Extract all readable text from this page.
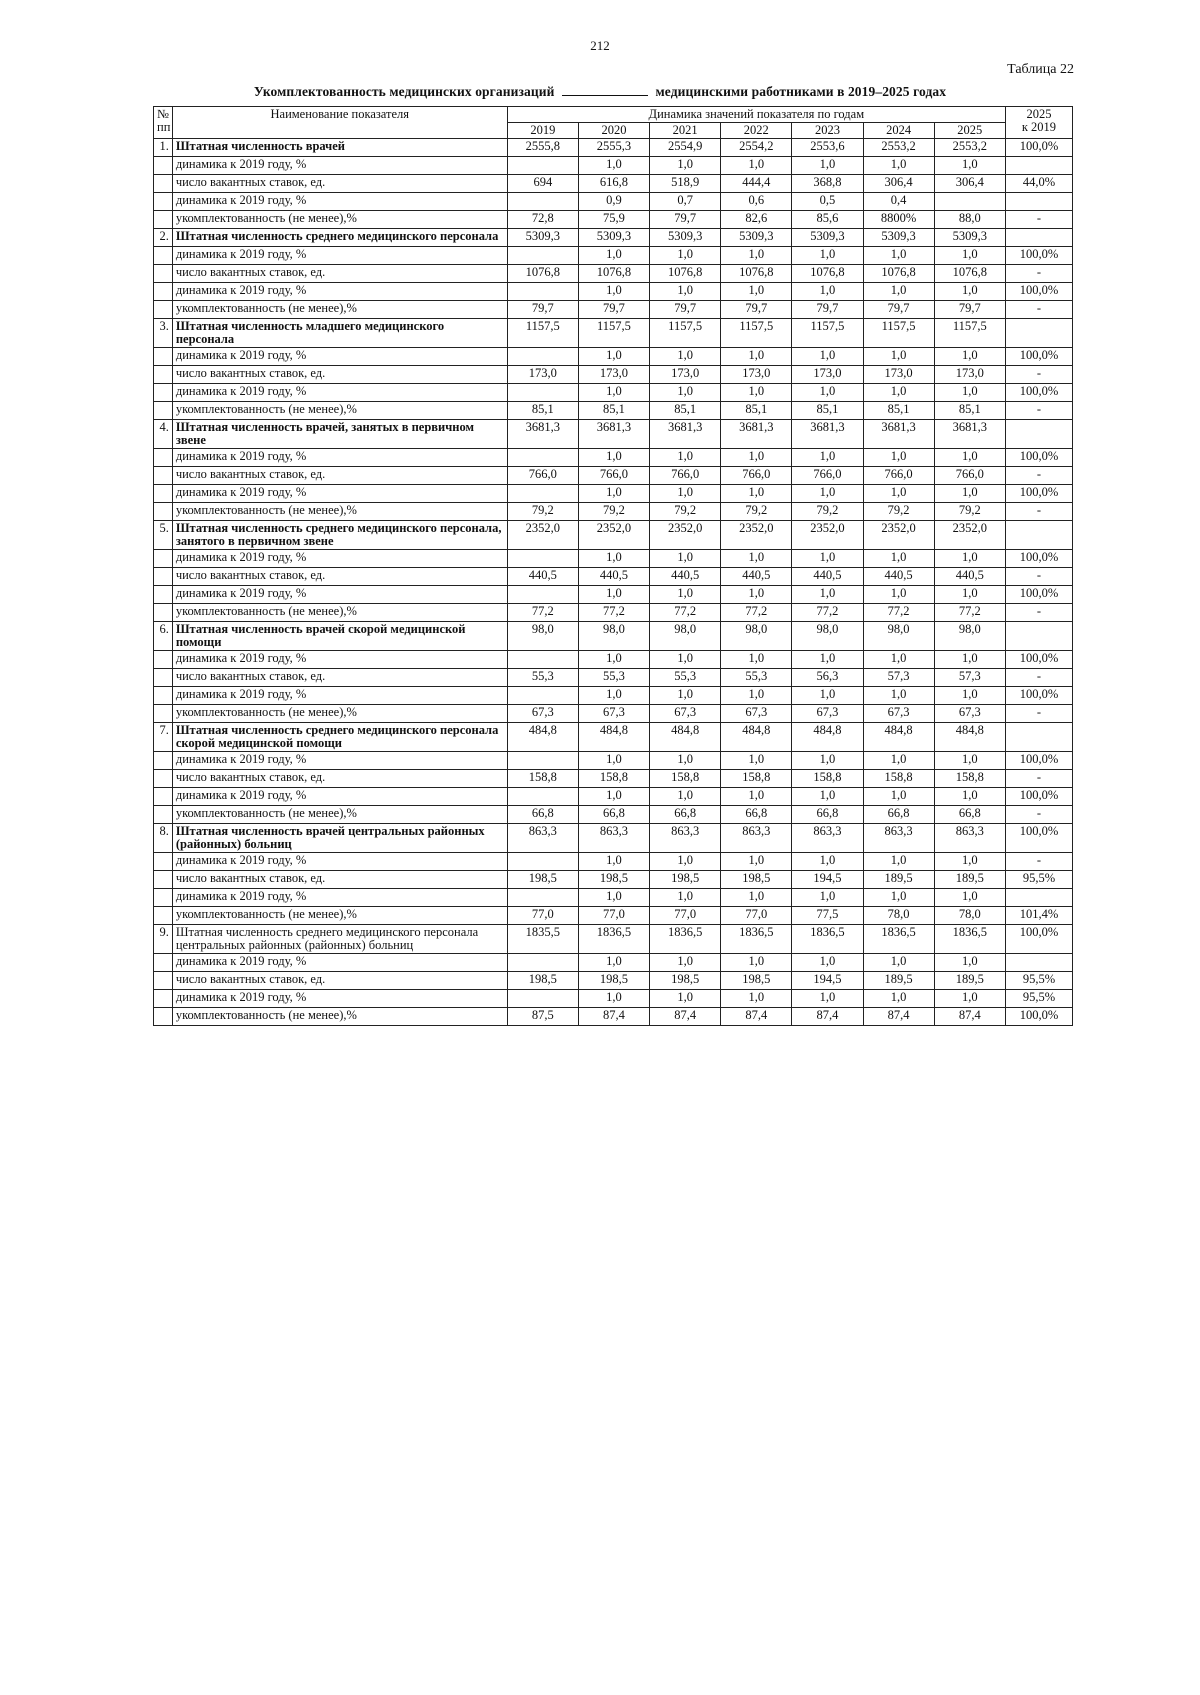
212
Таблица 22
Укомплектованность медицинских организаций	медицинскими работниками в 2019–2025 годах
№
пп	Наименование показателя	Динамика значений показателя по годам							2025
к 2019
		2019	2020	2021	2022	2023	2024	2025	
1.	Штатная численность врачей	2555,8	2555,3	2554,9	2554,2	2553,6	2553,2	2553,2	100,0%
	динамика к 2019 году, %		1,0	1,0	1,0	1,0	1,0	1,0	
	число вакантных ставок, ед.	694	616,8	518,9	444,4	368,8	306,4	306,4	44,0%
	динамика к 2019 году, %		0,9	0,7	0,6	0,5	0,4		
	укомплектованность (не менее),%	72,8	75,9	79,7	82,6	85,6	8800%	88,0	-
2.	Штатная численность среднего медицинского персонала	5309,3	5309,3	5309,3	5309,3	5309,3	5309,3	5309,3	
	динамика к 2019 году, %		1,0	1,0	1,0	1,0	1,0	1,0	100,0%
	число вакантных ставок, ед.	1076,8	1076,8	1076,8	1076,8	1076,8	1076,8	1076,8	-
	динамика к 2019 году, %		1,0	1,0	1,0	1,0	1,0	1,0	100,0%
	укомплектованность (не менее),%	79,7	79,7	79,7	79,7	79,7	79,7	79,7	-
3.	Штатная численность младшего медицинского персонала	1157,5	1157,5	1157,5	1157,5	1157,5	1157,5	1157,5	
	динамика к 2019 году, %		1,0	1,0	1,0	1,0	1,0	1,0	100,0%
	число вакантных ставок, ед.	173,0	173,0	173,0	173,0	173,0	173,0	173,0	-
	динамика к 2019 году, %		1,0	1,0	1,0	1,0	1,0	1,0	100,0%
	укомплектованность (не менее),%	85,1	85,1	85,1	85,1	85,1	85,1	85,1	-
4.	Штатная численность врачей, занятых в первичном звене	3681,3	3681,3	3681,3	3681,3	3681,3	3681,3	3681,3	
	динамика к 2019 году, %		1,0	1,0	1,0	1,0	1,0	1,0	100,0%
	число вакантных ставок, ед.	766,0	766,0	766,0	766,0	766,0	766,0	766,0	-
	динамика к 2019 году, %		1,0	1,0	1,0	1,0	1,0	1,0	100,0%
	укомплектованность (не менее),%	79,2	79,2	79,2	79,2	79,2	79,2	79,2	-
5.	Штатная численность среднего медицинского персонала, занятого в первичном звене	2352,0	2352,0	2352,0	2352,0	2352,0	2352,0	2352,0	
	динамика к 2019 году, %		1,0	1,0	1,0	1,0	1,0	1,0	100,0%
	число вакантных ставок, ед.	440,5	440,5	440,5	440,5	440,5	440,5	440,5	-
	динамика к 2019 году, %		1,0	1,0	1,0	1,0	1,0	1,0	100,0%
	укомплектованность (не менее),%	77,2	77,2	77,2	77,2	77,2	77,2	77,2	-
6.	Штатная численность врачей скорой медицинской помощи	98,0	98,0	98,0	98,0	98,0	98,0	98,0	
	динамика к 2019 году, %		1,0	1,0	1,0	1,0	1,0	1,0	100,0%
	число вакантных ставок, ед.	55,3	55,3	55,3	55,3	56,3	57,3	57,3	-
	динамика к 2019 году, %		1,0	1,0	1,0	1,0	1,0	1,0	100,0%
	укомплектованность (не менее),%	67,3	67,3	67,3	67,3	67,3	67,3	67,3	-
7.	Штатная численность среднего медицинского персонала скорой медицинской помощи	484,8	484,8	484,8	484,8	484,8	484,8	484,8	
	динамика к 2019 году, %		1,0	1,0	1,0	1,0	1,0	1,0	100,0%
	число вакантных ставок, ед.	158,8	158,8	158,8	158,8	158,8	158,8	158,8	-
	динамика к 2019 году, %		1,0	1,0	1,0	1,0	1,0	1,0	100,0%
	укомплектованность (не менее),%	66,8	66,8	66,8	66,8	66,8	66,8	66,8	-
8.	Штатная численность врачей центральных районных (районных) больниц	863,3	863,3	863,3	863,3	863,3	863,3	863,3	100,0%
	динамика к 2019 году, %		1,0	1,0	1,0	1,0	1,0	1,0	-
	число вакантных ставок, ед.	198,5	198,5	198,5	198,5	194,5	189,5	189,5	95,5%
	динамика к 2019 году, %		1,0	1,0	1,0	1,0	1,0	1,0	
	укомплектованность (не менее),%	77,0	77,0	77,0	77,0	77,5	78,0	78,0	101,4%
9.	Штатная численность среднего медицинского персонала центральных районных (районных) больниц	1835,5	1836,5	1836,5	1836,5	1836,5	1836,5	1836,5	100,0%
	динамика к 2019 году, %		1,0	1,0	1,0	1,0	1,0	1,0	
	число вакантных ставок, ед.	198,5	198,5	198,5	198,5	194,5	189,5	189,5	95,5%
	динамика к 2019 году, %		1,0	1,0	1,0	1,0	1,0	1,0	95,5%
	укомплектованность (не менее),%	87,5	87,4	87,4	87,4	87,4	87,4	87,4	100,0%
